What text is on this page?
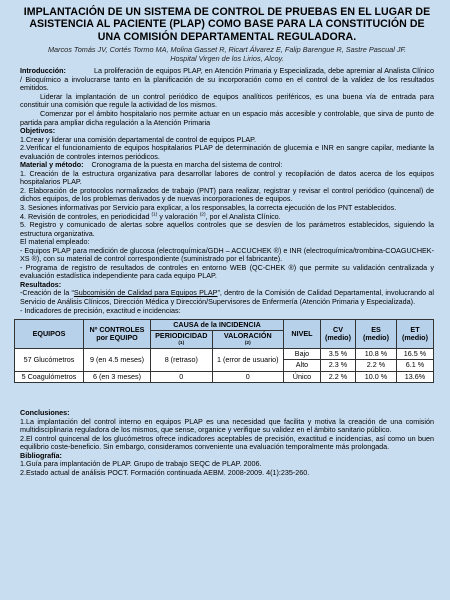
IMPLANTACIÓN DE UN SISTEMA DE CONTROL DE PRUEBAS EN EL LUGAR DE ASISTENCIA AL PACIENTE (PLAP) COMO BASE PARA LA CONSTITUCIÓN DE UNA COMISIÓN DEPARTAMENTAL REGULADORA.
Marcos Tomás JV, Cortés Tormo MA, Molina Gasset R, Ricart Álvarez E, Falip Barengue R, Sastre Pascual JF.
Hospital Virgen de los Lirios, Alcoy.

Introducción:	La proliferación de equipos PLAP, en Atención Primaria y Especializada, debe apremiar al Analista Clínico / Bioquímico a involucrarse tanto en la planificación de su incorporación como en el control de la validez de los resultados emitidos.

Liderar la implantación de un control periódico de equipos analíticos periféricos, es una buena vía de entrada para constituir una comisión que regule la actividad de los mismos.

Comenzar por el ámbito hospitalario nos permite actuar en un espacio más accesible y controlable, que sirva de punto de partida para ampliar dicha regulación a la Atención Primaria

Objetivos:

1.Crear y liderar una comisión departamental de control de equipos PLAP.

2.Verificar el funcionamiento de equipos hospitalarios PLAP de determinación de glucemia e INR en sangre capilar, mediante la evaluación de controles internos periódicos.

Material y método: Cronograma de la puesta en marcha del sistema de control:

1. Creación de la estructura organizativa para desarrollar labores de control y recopilación de datos acerca de los equipos hospitalarios PLAP.

2. Elaboración de protocolos normalizados de trabajo (PNT) para realizar, registrar y revisar el control periódico (quincenal) de dichos equipos, de los problemas derivados y de nuevas incorporaciones de equipos.

3. Sesiones informativas por Servicio para explicar, a los responsables, la correcta ejecución de los PNT establecidos.

4. Revisión de controles, en periodicidad $^{(1)}$ y valoración $^{(2)}$, por el Analista Clínico.

5. Registro y comunicado de alertas sobre aquellos controles que se desvíen de los parámetros establecidos, siguiendo la estructura organizativa.

El material empleado:

- Equipos PLAP para medición de glucosa (electroquímica/GDH – ACCUCHEK ®) e INR (electroquímica/trombina-COAGUCHEK-XS ®), con su material de control correspondiente (suministrado por el fabricante).

- Programa de registro de resultados de controles en entorno WEB (QC-CHEK ®) que permite su validación centralizada y evaluación estadística independiente para cada equipo PLAP.

Resultados:

-Creación de la “Subcomisión de Calidad para Equipos PLAP”, dentro de la Comisión de Calidad Departamental, involucrando al Servicio de Análisis Clínicos, Dirección Médica y Dirección/Supervisores de Enfermería (Atención Primaria y Especializada).

- Indicadores de precisión, exactitud e incidencias:

EQUIPOS	Nº CONTROLES por EQUIPO	CAUSA de la INCIDENCIA		NIVEL	CV (medio)	ES (medio)	ET (medio)
		PERIODICIDAD
(1)	VALORACIÓN
(2)				

57 Glucómetros	9 (en 4.5 meses)	8 (retraso)	1 (error de usuario)	Bajo	3.5 %	10.8 %	16.5 %
				Alto	2.3 %	2.2 %	6.1 %
5 Coagulómetros	6 (en 3 meses)	0	0	Único	2.2 %	10.0 %	13.6%

Conclusiones:

1.La implantación del control interno en equipos PLAP es una necesidad que facilita y motiva la creación de una comisión multidisciplinaria reguladora de los mismos, que sense, organice y verifique su validez en el ámbito sanitario público.

2.El control quincenal de los glucómetros ofrece indicadores aceptables de precisión, exactitud e incidencias, así como un buen equilibrio coste-beneficio. Sin embargo, consideramos conveniente una evaluación temporalmente más prolongada.

Bibliografía:

1.Guía para implantación de PLAP. Grupo de trabajo SEQC de PLAP. 2006.

2.Estado actual de análisis POCT. Formación continuada AEBM. 2008-2009. 4(1):235-260.
